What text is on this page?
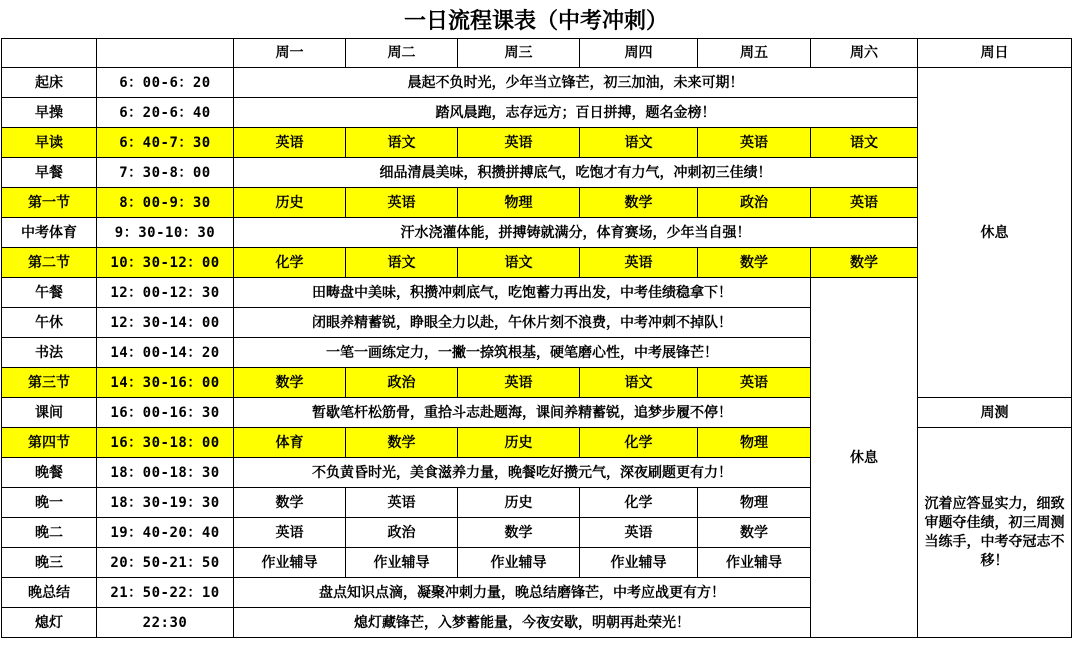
一日流程课表（中考冲刺）
		周一	周二	周三	周四	周五	周六	周日
起床	6：00-6：20	晨起不负时光，少年当立锋芒，初三加油，未来可期！						休息
早操	6：20-6：40	踏风晨跑，志存远方；百日拼搏，题名金榜！						
早读	6：40-7：30	英语	语文	英语	语文	英语	语文	
早餐	7：30-8：00	细品清晨美味，积攒拼搏底气，吃饱才有力气，冲刺初三佳绩！						
第一节	8：00-9：30	历史	英语	物理	数学	政治	英语	
中考体育	9：30-10：30	汗水浇灌体能，拼搏铸就满分，体育赛场，少年当自强！						
第二节	10：30-12：00	化学	语文	语文	英语	数学	数学	
午餐	12：00-12：30	田畴盘中美味，积攒冲刺底气，吃饱蓄力再出发，中考佳绩稳拿下！					休息	
午休	12：30-14：00	闭眼养精蓄锐，睁眼全力以赴，午休片刻不浪费，中考冲刺不掉队！						
书法	14：00-14：20	一笔一画练定力，一撇一捺筑根基，硬笔磨心性，中考展锋芒！						
第三节	14：30-16：00	数学	政治	英语	语文	英语		
课间	16：00-16：30	暂歇笔杆松筋骨，重拾斗志赴题海，课间养精蓄锐，追梦步履不停！						周测
第四节	16：30-18：00	体育	数学	历史	化学	物理		沉着应答显实力，细致审题夺佳绩，初三周测当练手，中考夺冠志不移！
晚餐	18：00-18：30	不负黄昏时光，美食滋养力量，晚餐吃好攒元气，深夜刷题更有力！						
晚一	18：30-19：30	数学	英语	历史	化学	物理		
晚二	19：40-20：40	英语	政治	数学	英语	数学		
晚三	20：50-21：50	作业辅导	作业辅导	作业辅导	作业辅导	作业辅导		
晚总结	21：50-22：10	盘点知识点滴，凝聚冲刺力量，晚总结磨锋芒，中考应战更有方！						
熄灯	22:30	熄灯藏锋芒，入梦蓄能量，今夜安歇，明朝再赴荣光！						
